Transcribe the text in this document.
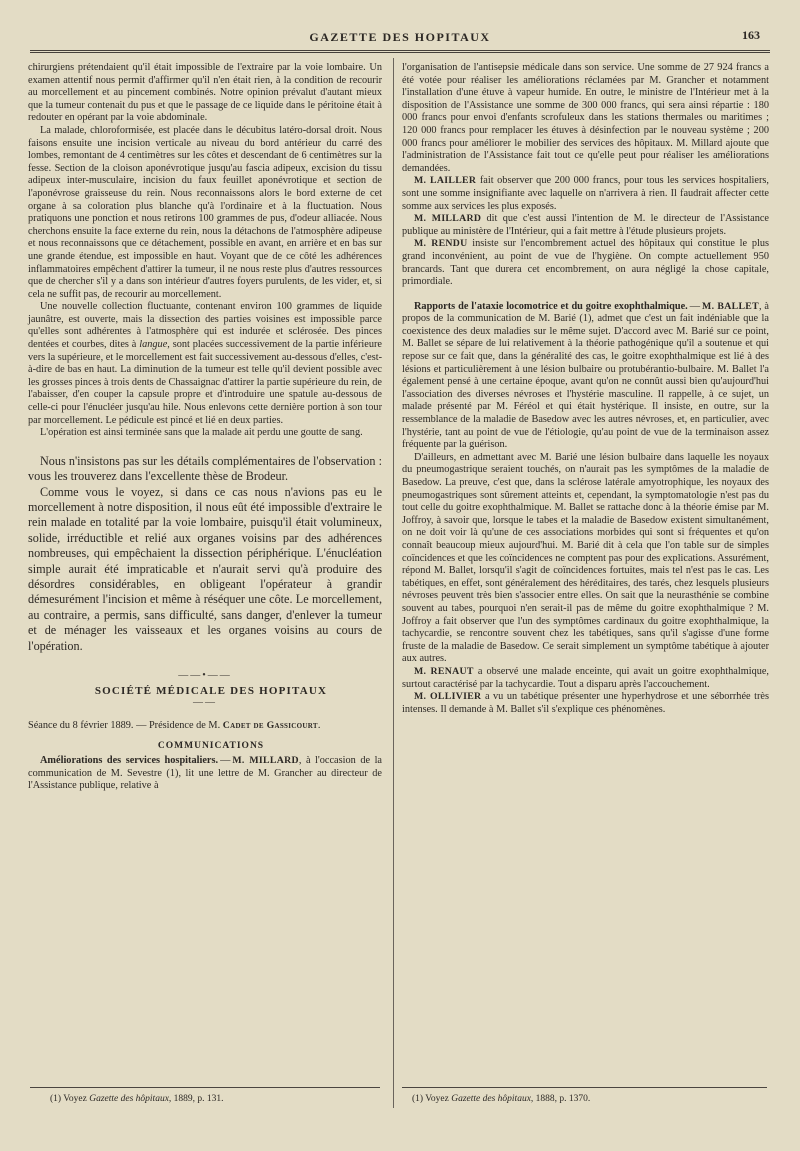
GAZETTE DES HOPITAUX	163

chirurgiens prétendaient qu'il était impossible de l'extraire par la voie lombaire. Un examen attentif nous permit d'affirmer qu'il n'en était rien, à la condition de recourir au morcellement et au pincement combinés. Notre opinion prévalut d'autant mieux que la tumeur contenait du pus et que le passage de ce liquide dans le péritoine était à redouter en opérant par la voie abdominale.

La malade, chloroformisée, est placée dans le décubitus latéro-dorsal droit. Nous faisons ensuite une incision verticale au niveau du bord antérieur du carré des lombes, remontant de 4 centimètres sur les côtes et descendant de 6 centimètres sur la fesse. Section de la cloison aponévrotique jusqu'au fascia adipeux, excision du tissu adipeux inter-musculaire, incision du faux feuillet aponévrotique et section de l'aponévrose graisseuse du rein. Nous reconnaissons alors le bord externe de cet organe à sa coloration plus blanche qu'à l'ordinaire et à la fluctuation. Nous pratiquons une ponction et nous retirons 100 grammes de pus, d'odeur alliacée. Nous cherchons ensuite la face externe du rein, nous la détachons de l'atmosphère adipeuse et nous reconnaissons que ce détachement, possible en avant, en arrière et en bas sur une grande étendue, est impossible en haut. Voyant que de ce côté les adhérences inflammatoires empêchent d'attirer la tumeur, il ne nous reste plus d'autres ressources que de chercher s'il y a dans son intérieur d'autres foyers purulents, de les vider, et, si cela ne suffit pas, de recourir au morcellement.

Une nouvelle collection fluctuante, contenant environ 100 grammes de liquide jaunâtre, est ouverte, mais la dissection des parties voisines est impossible parce qu'elles sont adhérentes à l'atmosphère qui est indurée et sclérosée. Des pinces dentées et courbes, dites à langue, sont placées successivement de la partie inférieure vers la supérieure, et le morcellement est fait successivement au-dessous d'elles, c'est-à-dire de bas en haut. La diminution de la tumeur est telle qu'il devient possible avec les grosses pinces à trois dents de Chassaignac d'attirer la partie supérieure du rein, de l'abaisser, d'en couper la capsule propre et d'introduire une spatule au-dessous de celle-ci pour l'énucléer jusqu'au hile. Nous enlevons cette dernière portion à son tour par morcellement. Le pédicule est pincé et lié en deux parties.

L'opération est ainsi terminée sans que la malade ait perdu une goutte de sang.

Nous n'insistons pas sur les détails complémentaires de l'observation : vous les trouverez dans l'excellente thèse de Brodeur.

Comme vous le voyez, si dans ce cas nous n'avions pas eu le morcellement à notre disposition, il nous eût été impossible d'extraire le rein malade en totalité par la voie lombaire, puisqu'il était volumineux, solide, irréductible et relié aux organes voisins par des adhérences nombreuses, qui empêchaient la dissection périphérique. L'énucléation simple aurait été impraticable et n'aurait servi qu'à produire des désordres considérables, en obligeant l'opérateur à grandir démesurément l'incision et même à réséquer une côte. Le morcellement, au contraire, a permis, sans difficulté, sans danger, d'enlever la tumeur et de ménager les vaisseaux et les organes voisins au cours de l'opération.

——•——

SOCIÉTÉ MÉDICALE DES HOPITAUX

——

Séance du 8 février 1889. — Présidence de M. Cadet de Gassicourt.

COMMUNICATIONS

Améliorations des services hospitaliers. — M. MILLARD, à l'occasion de la communication de M. Sevestre (1), lit une lettre de M. Grancher au directeur de l'Assistance publique, relative à

(1) Voyez Gazette des hôpitaux, 1889, p. 131.

l'organisation de l'antisepsie médicale dans son service. Une somme de 27 924 francs a été votée pour réaliser les améliorations réclamées par M. Grancher et notamment l'installation d'une étuve à vapeur humide. En outre, le ministre de l'Intérieur met à la disposition de l'Assistance une somme de 300 000 francs, qui sera ainsi répartie : 180 000 francs pour envoi d'enfants scrofuleux dans les stations thermales ou maritimes ; 120 000 francs pour remplacer les étuves à désinfection par le nouveau système ; 200 000 francs pour améliorer le mobilier des services des hôpitaux. M. Millard ajoute que l'administration de l'Assistance fait tout ce qu'elle peut pour réaliser les améliorations demandées.

M. LAILLER fait observer que 200 000 francs, pour tous les services hospitaliers, sont une somme insignifiante avec laquelle on n'arrivera à rien. Il faudrait affecter cette somme aux services les plus exposés.

M. MILLARD dit que c'est aussi l'intention de M. le directeur de l'Assistance publique au ministère de l'Intérieur, qui a fait mettre à l'étude plusieurs projets.

M. RENDU insiste sur l'encombrement actuel des hôpitaux qui constitue le plus grand inconvénient, au point de vue de l'hygiène. On compte actuellement 950 brancards. Tant que durera cet encombrement, on aura négligé la chose capitale, primordiale.

Rapports de l'ataxie locomotrice et du goitre exophthalmique. — M. BALLET, à propos de la communication de M. Barié (1), admet que c'est un fait indéniable que la coexistence des deux maladies sur le même sujet. D'accord avec M. Barié sur ce point, M. Ballet se sépare de lui relativement à la théorie pathogénique qu'il a soutenue et qui repose sur ce fait que, dans la généralité des cas, le goitre exophthalmique est lié à des lésions et particulièrement à une lésion bulbaire ou protubérantio-bulbaire. M. Ballet l'a également pensé à une certaine époque, avant qu'on ne connût aussi bien qu'aujourd'hui l'association des diverses névroses et l'hystérie masculine. Il rappelle, à ce sujet, un malade présenté par M. Féréol et qui était hystérique. Il insiste, en outre, sur la ressemblance de la maladie de Basedow avec les autres névroses, et, en particulier, avec l'hystérie, tant au point de vue de l'étiologie, qu'au point de vue de la terminaison assez fréquente par la guérison.

D'ailleurs, en admettant avec M. Barié une lésion bulbaire dans laquelle les noyaux du pneumogastrique seraient touchés, on n'aurait pas les symptômes de la maladie de Basedow. La preuve, c'est que, dans la sclérose latérale amyotrophique, les noyaux des pneumogastriques sont sûrement atteints et, cependant, la symptomatologie n'est pas du tout celle du goitre exophthalmique. M. Ballet se rattache donc à la théorie émise par M. Joffroy, à savoir que, lorsque le tabes et la maladie de Basedow existent simultanément, on ne doit voir là qu'une de ces associations morbides qui sont si fréquentes et qu'on connaît beaucoup mieux aujourd'hui. M. Barié dit à cela que l'on table sur de simples coïncidences et que les coïncidences ne comptent pas pour des explications. Assurément, répond M. Ballet, lorsqu'il s'agit de coïncidences fortuites, mais tel n'est pas le cas. Les tabétiques, en effet, sont généralement des héréditaires, des tarés, chez lesquels plusieurs névroses peuvent très bien s'associer entre elles. On sait que la neurasthénie se combine souvent au tabes, pourquoi n'en serait-il pas de même du goitre exophthalmique ? M. Joffroy a fait observer que l'un des symptômes cardinaux du goitre exophthalmique, la tachycardie, se rencontre souvent chez les tabétiques, sans qu'il s'agisse d'une forme fruste de la maladie de Basedow. Ce serait simplement un symptôme tabétique à ajouter aux autres.

M. RENAUT a observé une malade enceinte, qui avait un goitre exophthalmique, surtout caractérisé par la tachycardie. Tout a disparu après l'accouchement.

M. OLLIVIER a vu un tabétique présenter une hyperhydrose et une séborrhée très intenses. Il demande à M. Ballet s'il s'explique ces phénomènes.

(1) Voyez Gazette des hôpitaux, 1888, p. 1370.
